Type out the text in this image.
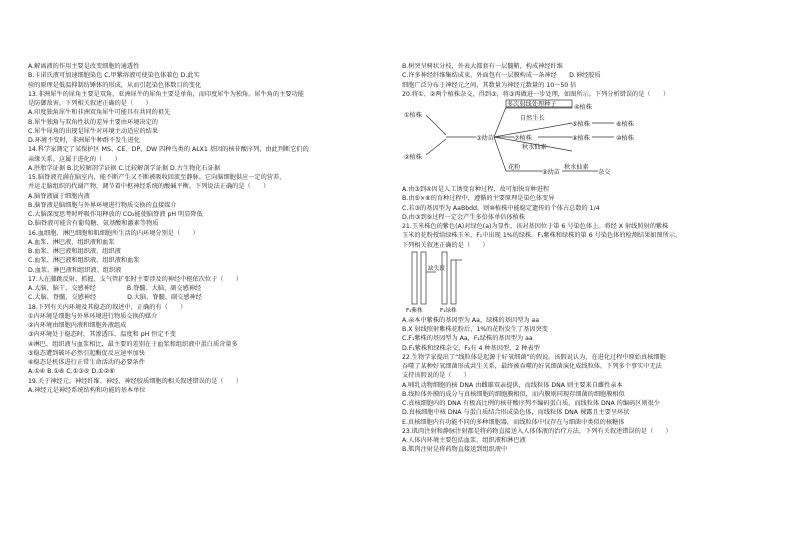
A.解离液的作用主要是改变细胞的通透性
B.卡诺氏液可加速细胞染色 C.甲紫溶液可使染色体着色 D.此实
验的原理是低温抑制纺锤体的形成，从而引起染色体数目的变化
13.非洲犀牛的犀角主要是双角，亚洲犀牛的犀角主要是单角，而印度犀牛为独角。犀牛角的主要功能
是防御敌害。下列相关叙述正确的是（　　）
A.印度独角犀牛和非洲双角犀牛可能具有共同的祖先
B.犀牛独角与双角性状的差异主要由环境决定的
C.犀牛犀角的出现是犀牛对环境主动适应的结果
D.环境不变时，非洲犀牛种群不发生进化
14.科学家测定了某保护区 MS、CE、DP、DW 四种鸟类的 ALX1 基因的核苷酸序列，由此判断它们的
亲缘关系。这属于进化的（　　）
A.胚胎学证据 B.比较解剖学证据 C.比较解剖学证据 D.古生物化石证据
15.脑脊液充满在脑室内，能不断产生又不断被吸收回流至静脉。它向脑细胞供应一定的营养，
并运走脑组织的代谢产物，调节着中枢神经系统的酸碱平衡。下列说法正确的是（　　）
A.脑脊液属于细胞内液
B.脑脊液是脑细胞与外界环境进行物质交换的直接媒介
C.大脑深度思考时呼吸作用释放的 CO₂能使脑脊液 pH 明显降低
D.脑脊液可能含有葡萄糖、氨基酸和激素等物质
16.血细胞、淋巴细胞和肌细胞所生活的内环境分别是（　　）
A.血浆、淋巴液、组织液和血浆
B.血浆、淋巴液和组织液、组织液
C.血浆、淋巴液和组织液、组织液和血浆
D.血浆、淋巴液和组织液、组织液
17.人在膝跳反射、抓握、支气管扩张时主要涉及的神经中枢依次位于（　　）
A.大脑、脑干、交感神经　　　　　B.脊髓、大脑、副交感神经
C.大脑、脊髓、交感神经　　　　　D.大脑、脊髓、副交感神经
18.下列有关内环境及其稳态的叙述中，正确的有（　　）
①内环境是细胞与外界环境进行物质交换的媒介
②内环境由细胞内液和细胞外液组成
③内环境处于稳态时，其渗透压、温度和 pH 恒定不变
④淋巴、组织液与血浆相比，最主要的差别在于血浆和组织液中蛋白质含量多
⑤稳态遭到破坏必然引起酶促反应速率加快
⑥稳态是机体进行正常生命活动的必要条件
A.①④ B.①⑥ C.①③⑤ D.①②⑥
19.关于神经元、神经纤维、神经、神经胶质细胞的相关叙述错误的是（　　）
A.神经元是神经系统结构和功能的基本单位
B.树突呈树状分枝，外表大都套有一层髓鞘，构成神经纤维
C.许多神经纤维集结成束，外面包有一层膜构成一条神经　　D.神经胶质
细胞广泛分布于神经元之间，其数量为神经元数量的 10～50 倍
20.将①、②两个植株杂交，得到③，将③再做进一步处理，如图所示。下列分析错误的是（　　）
①植株
②植株
③幼苗
多次射线处理种子	④植株
自然生长
⑤植株	⑥植株
⑦植株	⑧植株	⑩植株
秋水仙素
花粉
⑨幼苗
秋水仙素
杂交
A.由③到④因是人工诱变育种过程，故可加快育种进程
B.由⑤×⑥的育种过程中，遵循的主要原理是染色体变异
C.若③的基因型为 AaBbdd，则⑩植株中能稳定遗传的个体占总数的 1/4
D.由③到⑨过程一定会产生多倍体单倍体植株
21.玉米株色的紫色(A)对绿色(a)为显性，该对基因位于第 6 号染色体上。将经 X 射线照射的紫株
玉米的花粉授给绿株玉米，F₁中出现 1%的绿株。F₁紫株和绿株的第 6 号染色体的检测结果如图所示。
下列相关叙述正确的是（　　）
缺失段
F₁紫株	F₁绿株
A.亲本中紫株的基因型为 Aa，绿株的基因型为 aa
B.X 射线照射紫株花粉后，1%的花粉发生了基因突变
C.F₁紫株的基因型为 Aa，F₁绿株的基因型为 aa
D.F₁紫株和绿株杂交，F₂有 4 种基因型，2 种表型
22.生物学家提出了“线粒体是起源于好氧细菌”的假说。该假说认为，在进化过程中原始真核细胞
吞噬了某种好氧细菌形成共生关系，最终被吞噬的好氧细菌演化成线粒体。下列多个事实中无法
支持该假说的是（　　）
A.哺乳动物细胞的核 DNA 由雌雄双亲提供，而线粒体 DNA 则主要来自雌性亲本
B.线粒体外膜的成分与真核细胞的细胞膜相似，而内膜则同现存细菌的细胞膜相似
C.真核细胞内的 DNA 有极高比例的核苷酸序列不编码蛋白质，而线粒体 DNA 的编码区则很少
D.真核细胞中核 DNA 与蛋白质结合形成染色体，而线粒体 DNA 裸露且主要呈环状
E.真核细胞内有功能不同的多种细胞器，而线粒体中仅存在与细菌中类似的核糖体
23.肌肉注射和静脉注射都是将药物直接送入人体体液的治疗方法，下列有关叙述错误的是（　　）
A.人体内环境主要包括血浆、组织液和淋巴液
B.肌肉注射是将药物直接送到组织液中
